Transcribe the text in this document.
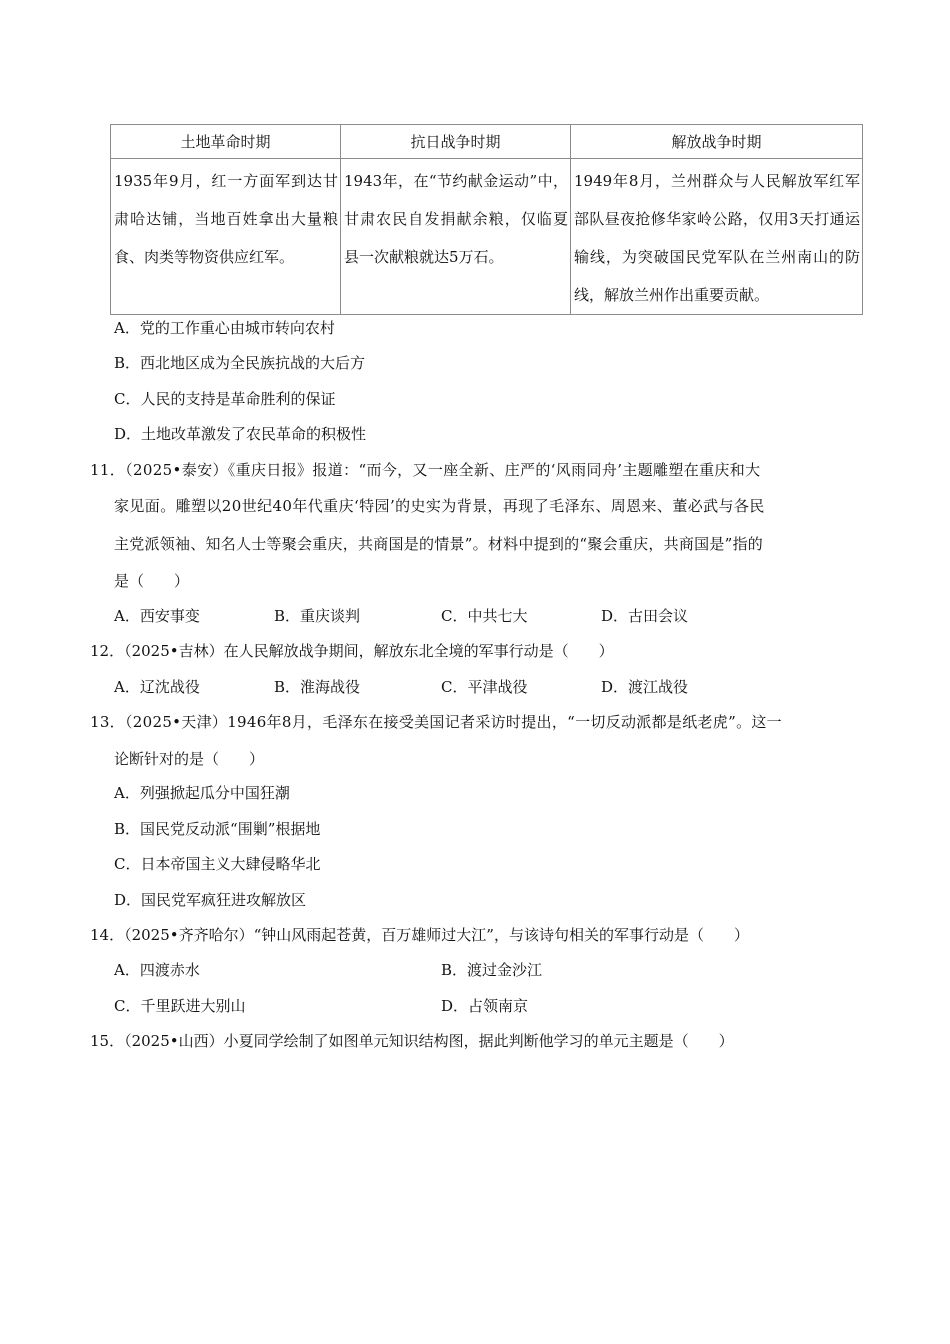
土地革命时期	抗日战争时期	解放战争时期
1935年9月，红一方面军到达甘肃哈达铺，当地百姓拿出大量粮食、肉类等物资供应红军。	1943年，在“节约献金运动”中，甘肃农民自发捐献余粮，仅临夏县一次献粮就达5万石。	1949年8月，兰州群众与人民解放军红军部队昼夜抢修华家岭公路，仅用3天打通运输线，为突破国民党军队在兰州南山的防线，解放兰州作出重要贡献。
A．党的工作重心由城市转向农村
B．西北地区成为全民族抗战的大后方
C．人民的支持是革命胜利的保证
D．土地改革激发了农民革命的积极性
11．（2025•泰安）《重庆日报》报道：“而今，又一座全新、庄严的‘风雨同舟’主题雕塑在重庆和大
家见面。雕塑以20世纪40年代重庆‘特园’的史实为背景，再现了毛泽东、周恩来、董必武与各民
主党派领袖、知名人士等聚会重庆，共商国是的情景”。材料中提到的“聚会重庆，共商国是”指的
是（　　）
A．西安事变	B．重庆谈判	C．中共七大	D．古田会议
12．（2025•吉林）在人民解放战争期间，解放东北全境的军事行动是（　　）
A．辽沈战役	B．淮海战役	C．平津战役	D．渡江战役
13．（2025•天津）1946年8月，毛泽东在接受美国记者采访时提出，“一切反动派都是纸老虎”。这一
论断针对的是（　　）
A．列强掀起瓜分中国狂潮
B．国民党反动派“围剿”根据地
C．日本帝国主义大肆侵略华北
D．国民党军疯狂进攻解放区
14．（2025•齐齐哈尔）“钟山风雨起苍黄，百万雄师过大江”，与该诗句相关的军事行动是（　　）
A．四渡赤水	B．渡过金沙江
C．千里跃进大别山	D．占领南京
15．（2025•山西）小夏同学绘制了如图单元知识结构图，据此判断他学习的单元主题是（　　）
